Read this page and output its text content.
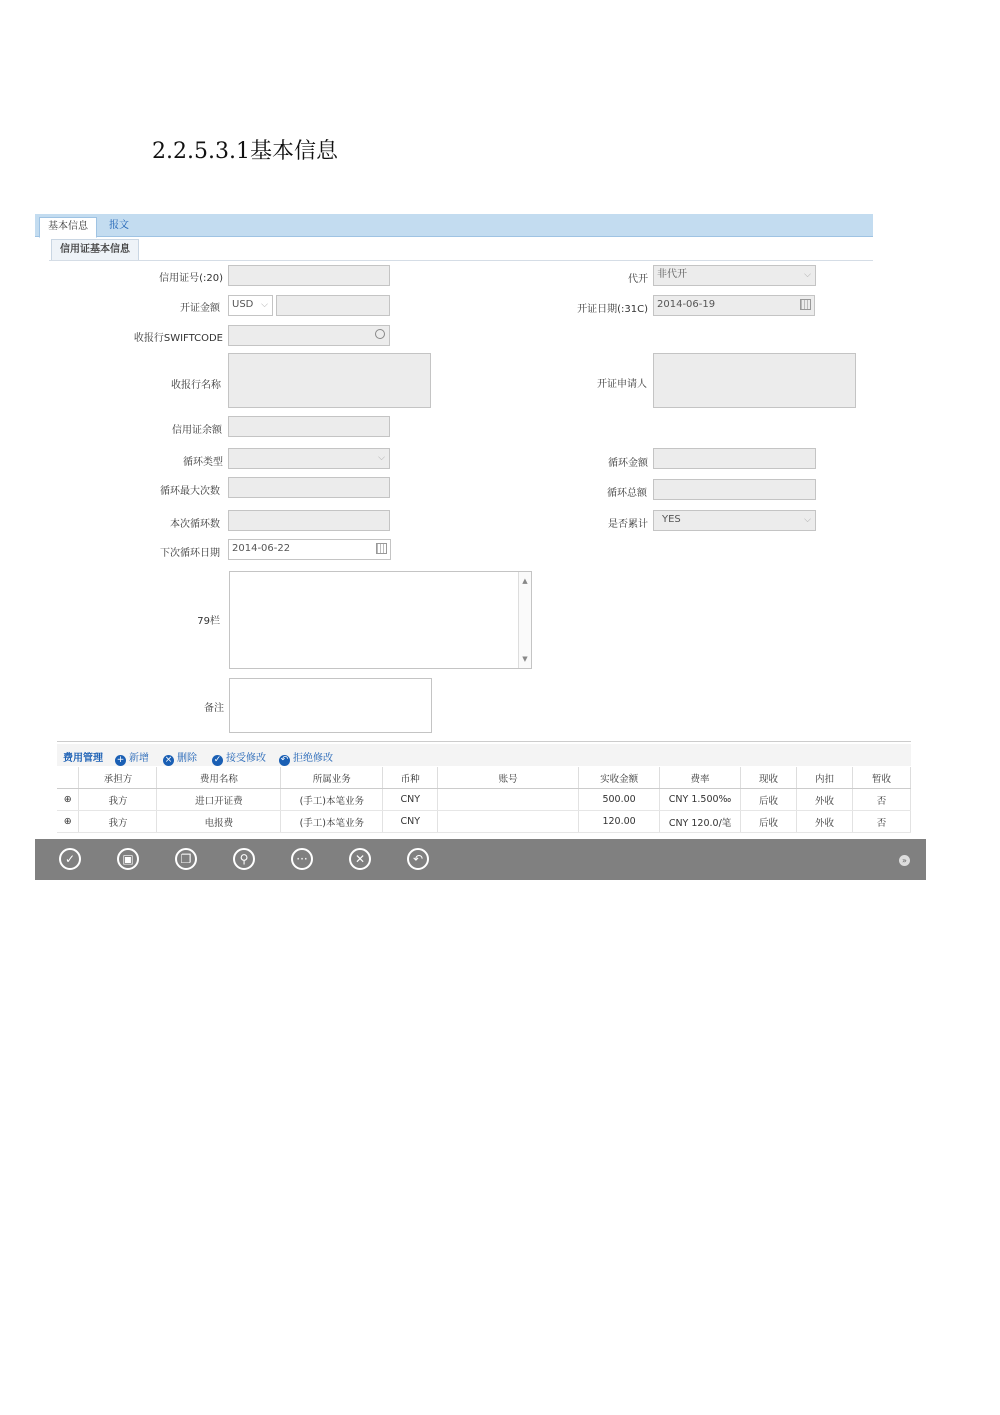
2.2.5.3.1基本信息
基本信息	报文
信用证基本信息
信用证号(:20)
开证金额	USD ⌵
收报行SWIFTCODE
收报行名称
信用证余额
循环类型	⌵
循环最大次数
本次循环数
下次循环日期	2014-06-22
79栏
▲
▼
备注
代开 非代开	⌵
开证日期(:31C) 2014-06-19
开证申请人
循环金额
循环总额
是否累计	YES	⌵
费用管理 + 新增 × 删除 ✓ 接受修改 ↶ 拒绝修改
	承担方	费用名称	所属业务	币种	账号	实收金额	费率	现收	内扣	暂收
⊕	我方	进口开证费	(手工)本笔业务	CNY		500.00	CNY 1.500‰	后收	外收	否
⊕	我方	电报费	(手工)本笔业务	CNY		120.00	CNY 120.0/笔	后收	外收	否
✓	▣	❐	⚲	···	✕	↶	»
